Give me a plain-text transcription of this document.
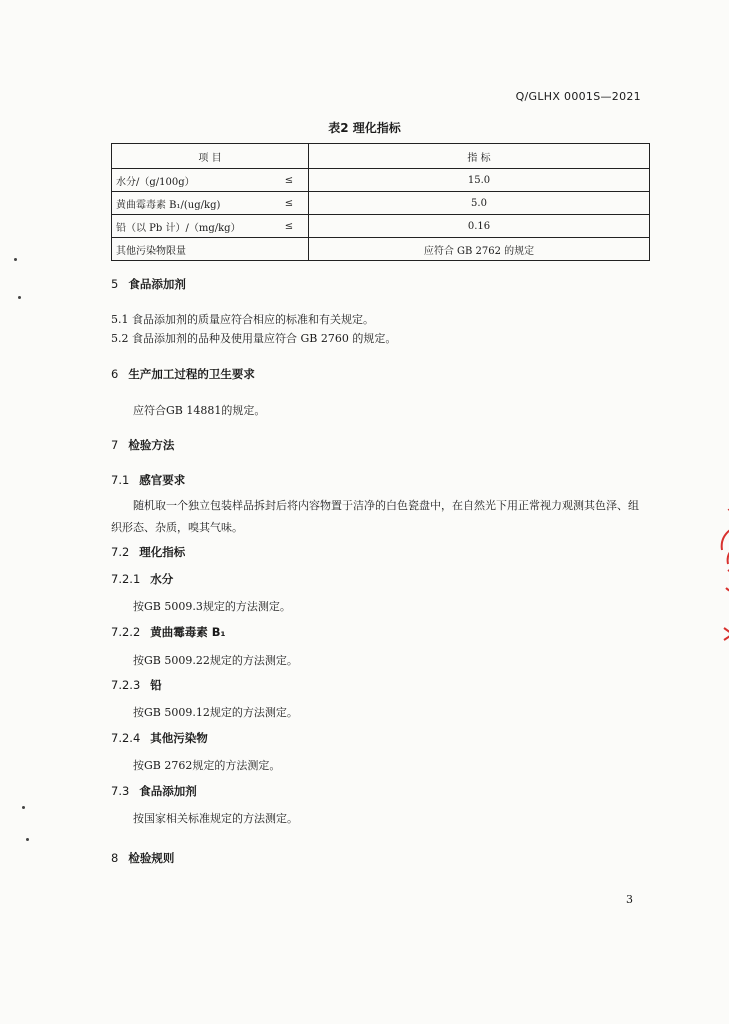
Q/GLHX 0001S—2021
表2 理化指标
项 目		指 标
水分/（g/100g）	≤	15.0
黄曲霉毒素 B₁/(ug/kg)	≤	5.0
铅（以 Pb 计）/（mg/kg）	≤	0.16
其他污染物限量		应符合 GB 2762 的规定
5 食品添加剂
5.1 食品添加剂的质量应符合相应的标准和有关规定。
5.2 食品添加剂的品种及使用量应符合 GB 2760 的规定。
6 生产加工过程的卫生要求
应符合GB 14881的规定。
7 检验方法
7.1 感官要求
随机取一个独立包装样品拆封后将内容物置于洁净的白色瓷盘中，在自然光下用正常视力观测其色泽、组织形态、杂质，嗅其气味。
7.2 理化指标
7.2.1 水分
按GB 5009.3规定的方法测定。
7.2.2 黄曲霉毒素 B₁
按GB 5009.22规定的方法测定。
7.2.3 铅
按GB 5009.12规定的方法测定。
7.2.4 其他污染物
按GB 2762规定的方法测定。
7.3 食品添加剂
按国家相关标准规定的方法测定。
8 检验规则
3
